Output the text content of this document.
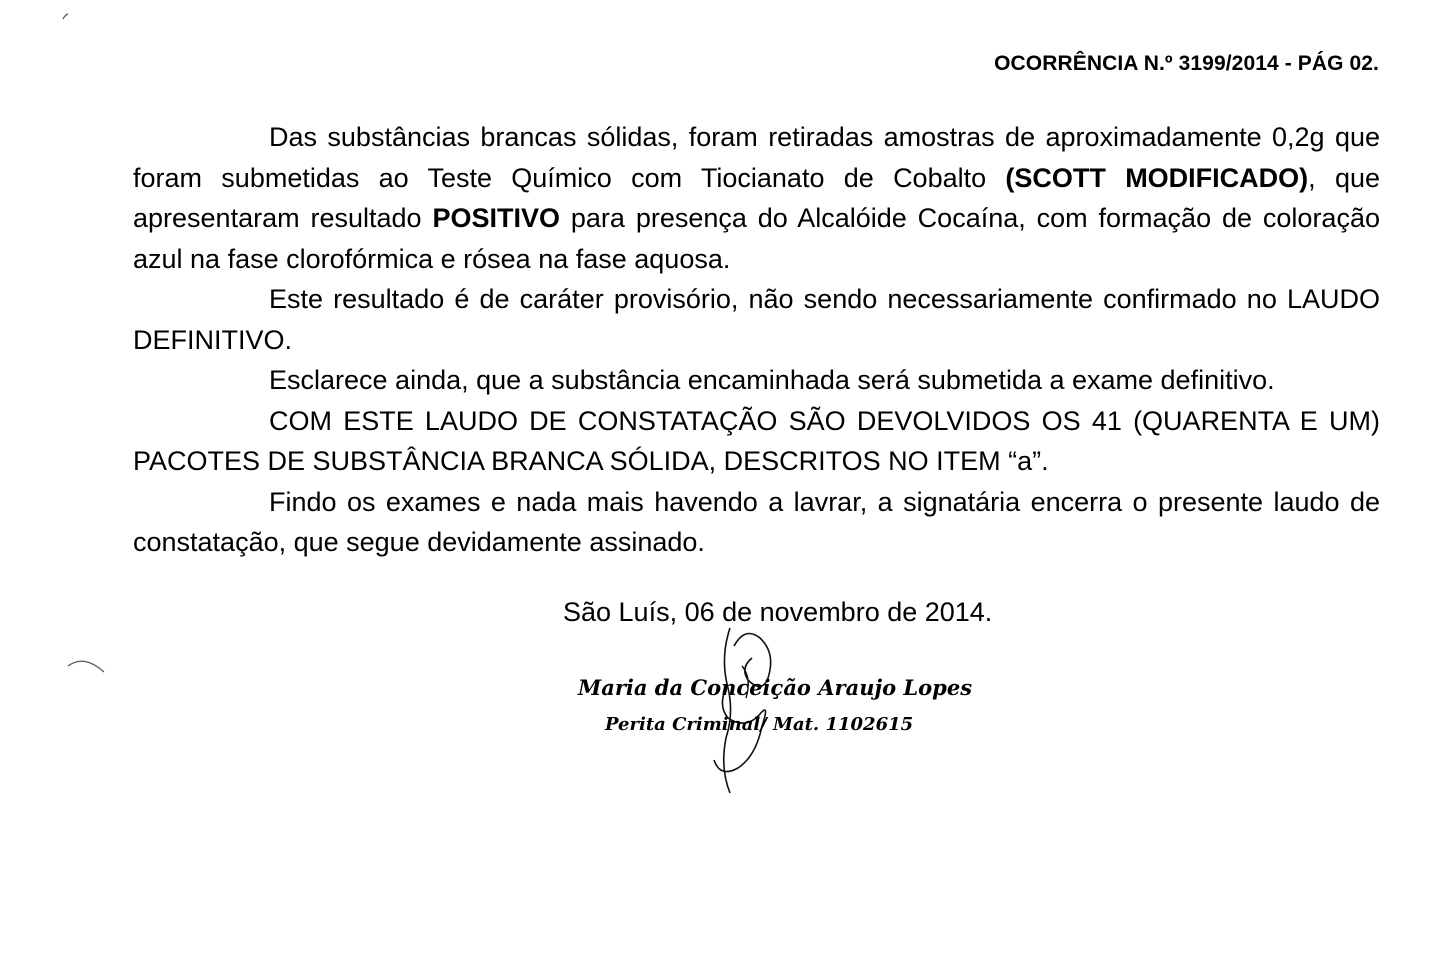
OCORRÊNCIA N.º 3199/2014 - PÁG 02.

Das substâncias brancas sólidas, foram retiradas amostras de aproximadamente 0,2g que foram submetidas ao Teste Químico com Tiocianato de Cobalto (SCOTT MODIFICADO), que apresentaram resultado POSITIVO para presença do Alcalóide Cocaína, com formação de coloração azul na fase clorofórmica e rósea na fase aquosa.

Este resultado é de caráter provisório, não sendo necessariamente confirmado no LAUDO DEFINITIVO.

Esclarece ainda, que a substância encaminhada será submetida a exame definitivo.

COM ESTE LAUDO DE CONSTATAÇÃO SÃO DEVOLVIDOS OS 41 (QUARENTA E UM) PACOTES DE SUBSTÂNCIA BRANCA SÓLIDA, DESCRITOS NO ITEM “a”.

Findo os exames e nada mais havendo a lavrar, a signatária encerra o presente laudo de constatação, que segue devidamente assinado.

São Luís, 06 de novembro de 2014.
Maria da Conceição Araujo Lopes
Perita Criminal/ Mat. 1102615
